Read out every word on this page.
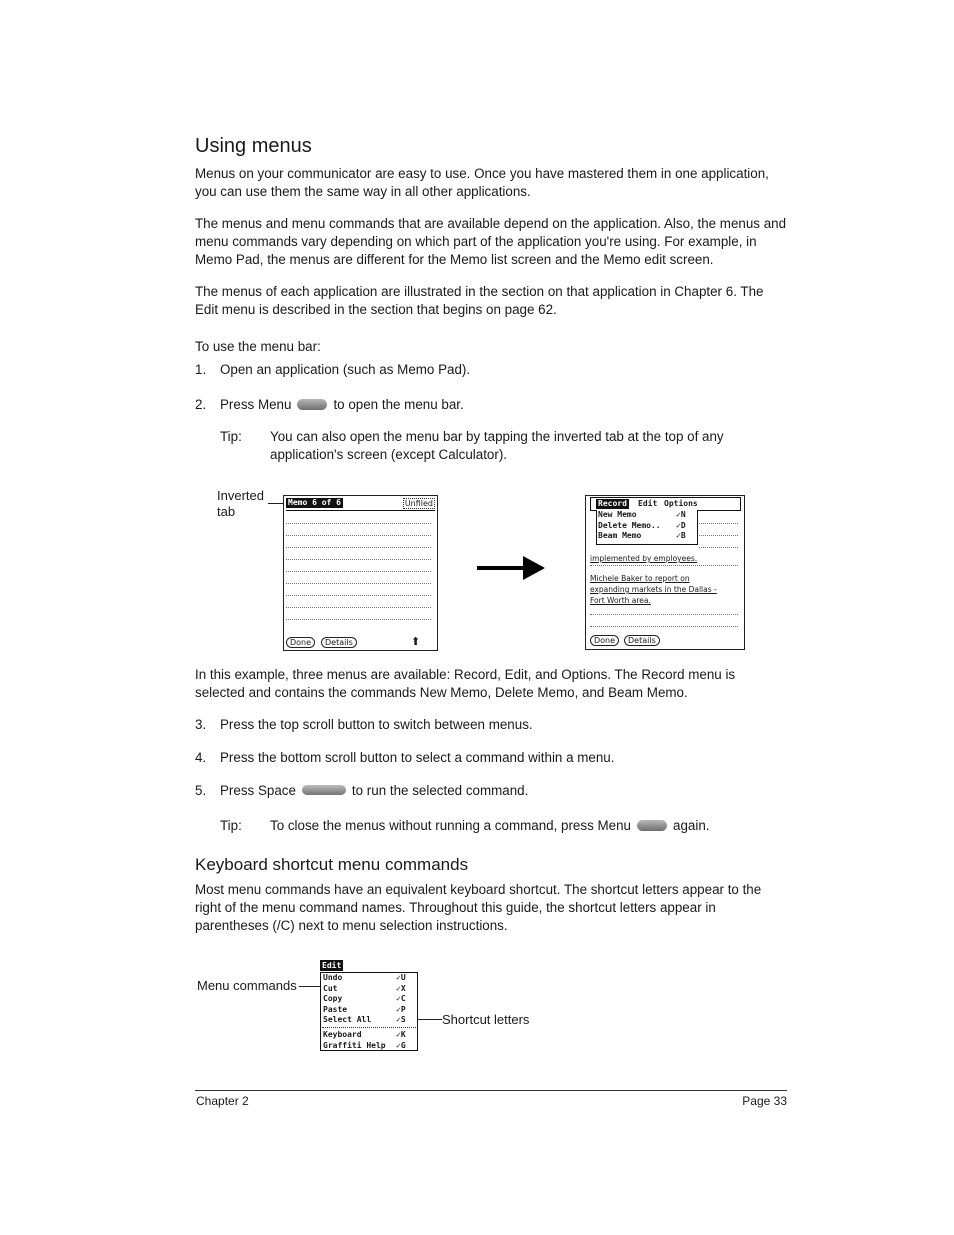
Using menus

Menus on your communicator are easy to use. Once you have mastered them in one application, you can use them the same way in all other applications.

The menus and menu commands that are available depend on the application. Also, the menus and menu commands vary depending on which part of the application you're using. For example, in Memo Pad, the menus are different for the Memo list screen and the Memo edit screen.

The menus of each application are illustrated in the section on that application in Chapter 6. The Edit menu is described in the section that begins on page 62.

To use the menu bar:

1. Open an application (such as Memo Pad).
2. Press Menu	to open the menu bar.
Tip: You can also open the menu bar by tapping the inverted tab at the top of any application's screen (except Calculator).
Inverted tab
Memo 6 of 6	Unfiled
Done	Details	⬆
Record Edit Options
New Memo	✓N
Delete Memo.. ✓D
Beam Memo	✓B
implemented by employees.
Michele Baker to report on
expanding markets in the Dallas -
Fort Worth area.
Done	Details

In this example, three menus are available: Record, Edit, and Options. The Record menu is selected and contains the commands New Memo, Delete Memo, and Beam Memo.

3. Press the top scroll button to switch between menus.
4. Press the bottom scroll button to select a command within a menu.
5. Press Space	to run the selected command.
Tip: To close the menus without running a command, press Menu	again.
Keyboard shortcut menu commands

Most menu commands have an equivalent keyboard shortcut. The shortcut letters appear to the right of the menu command names. Throughout this guide, the shortcut letters appear in parentheses (/C) next to menu selection instructions.

Menu commands
Edit
Undo	✓U
Cut	✓X
Copy	✓C
Paste	✓P
Select All	✓S
Keyboard	✓K
Graffiti Help ✓G
Shortcut letters
Chapter 2	Page 33
